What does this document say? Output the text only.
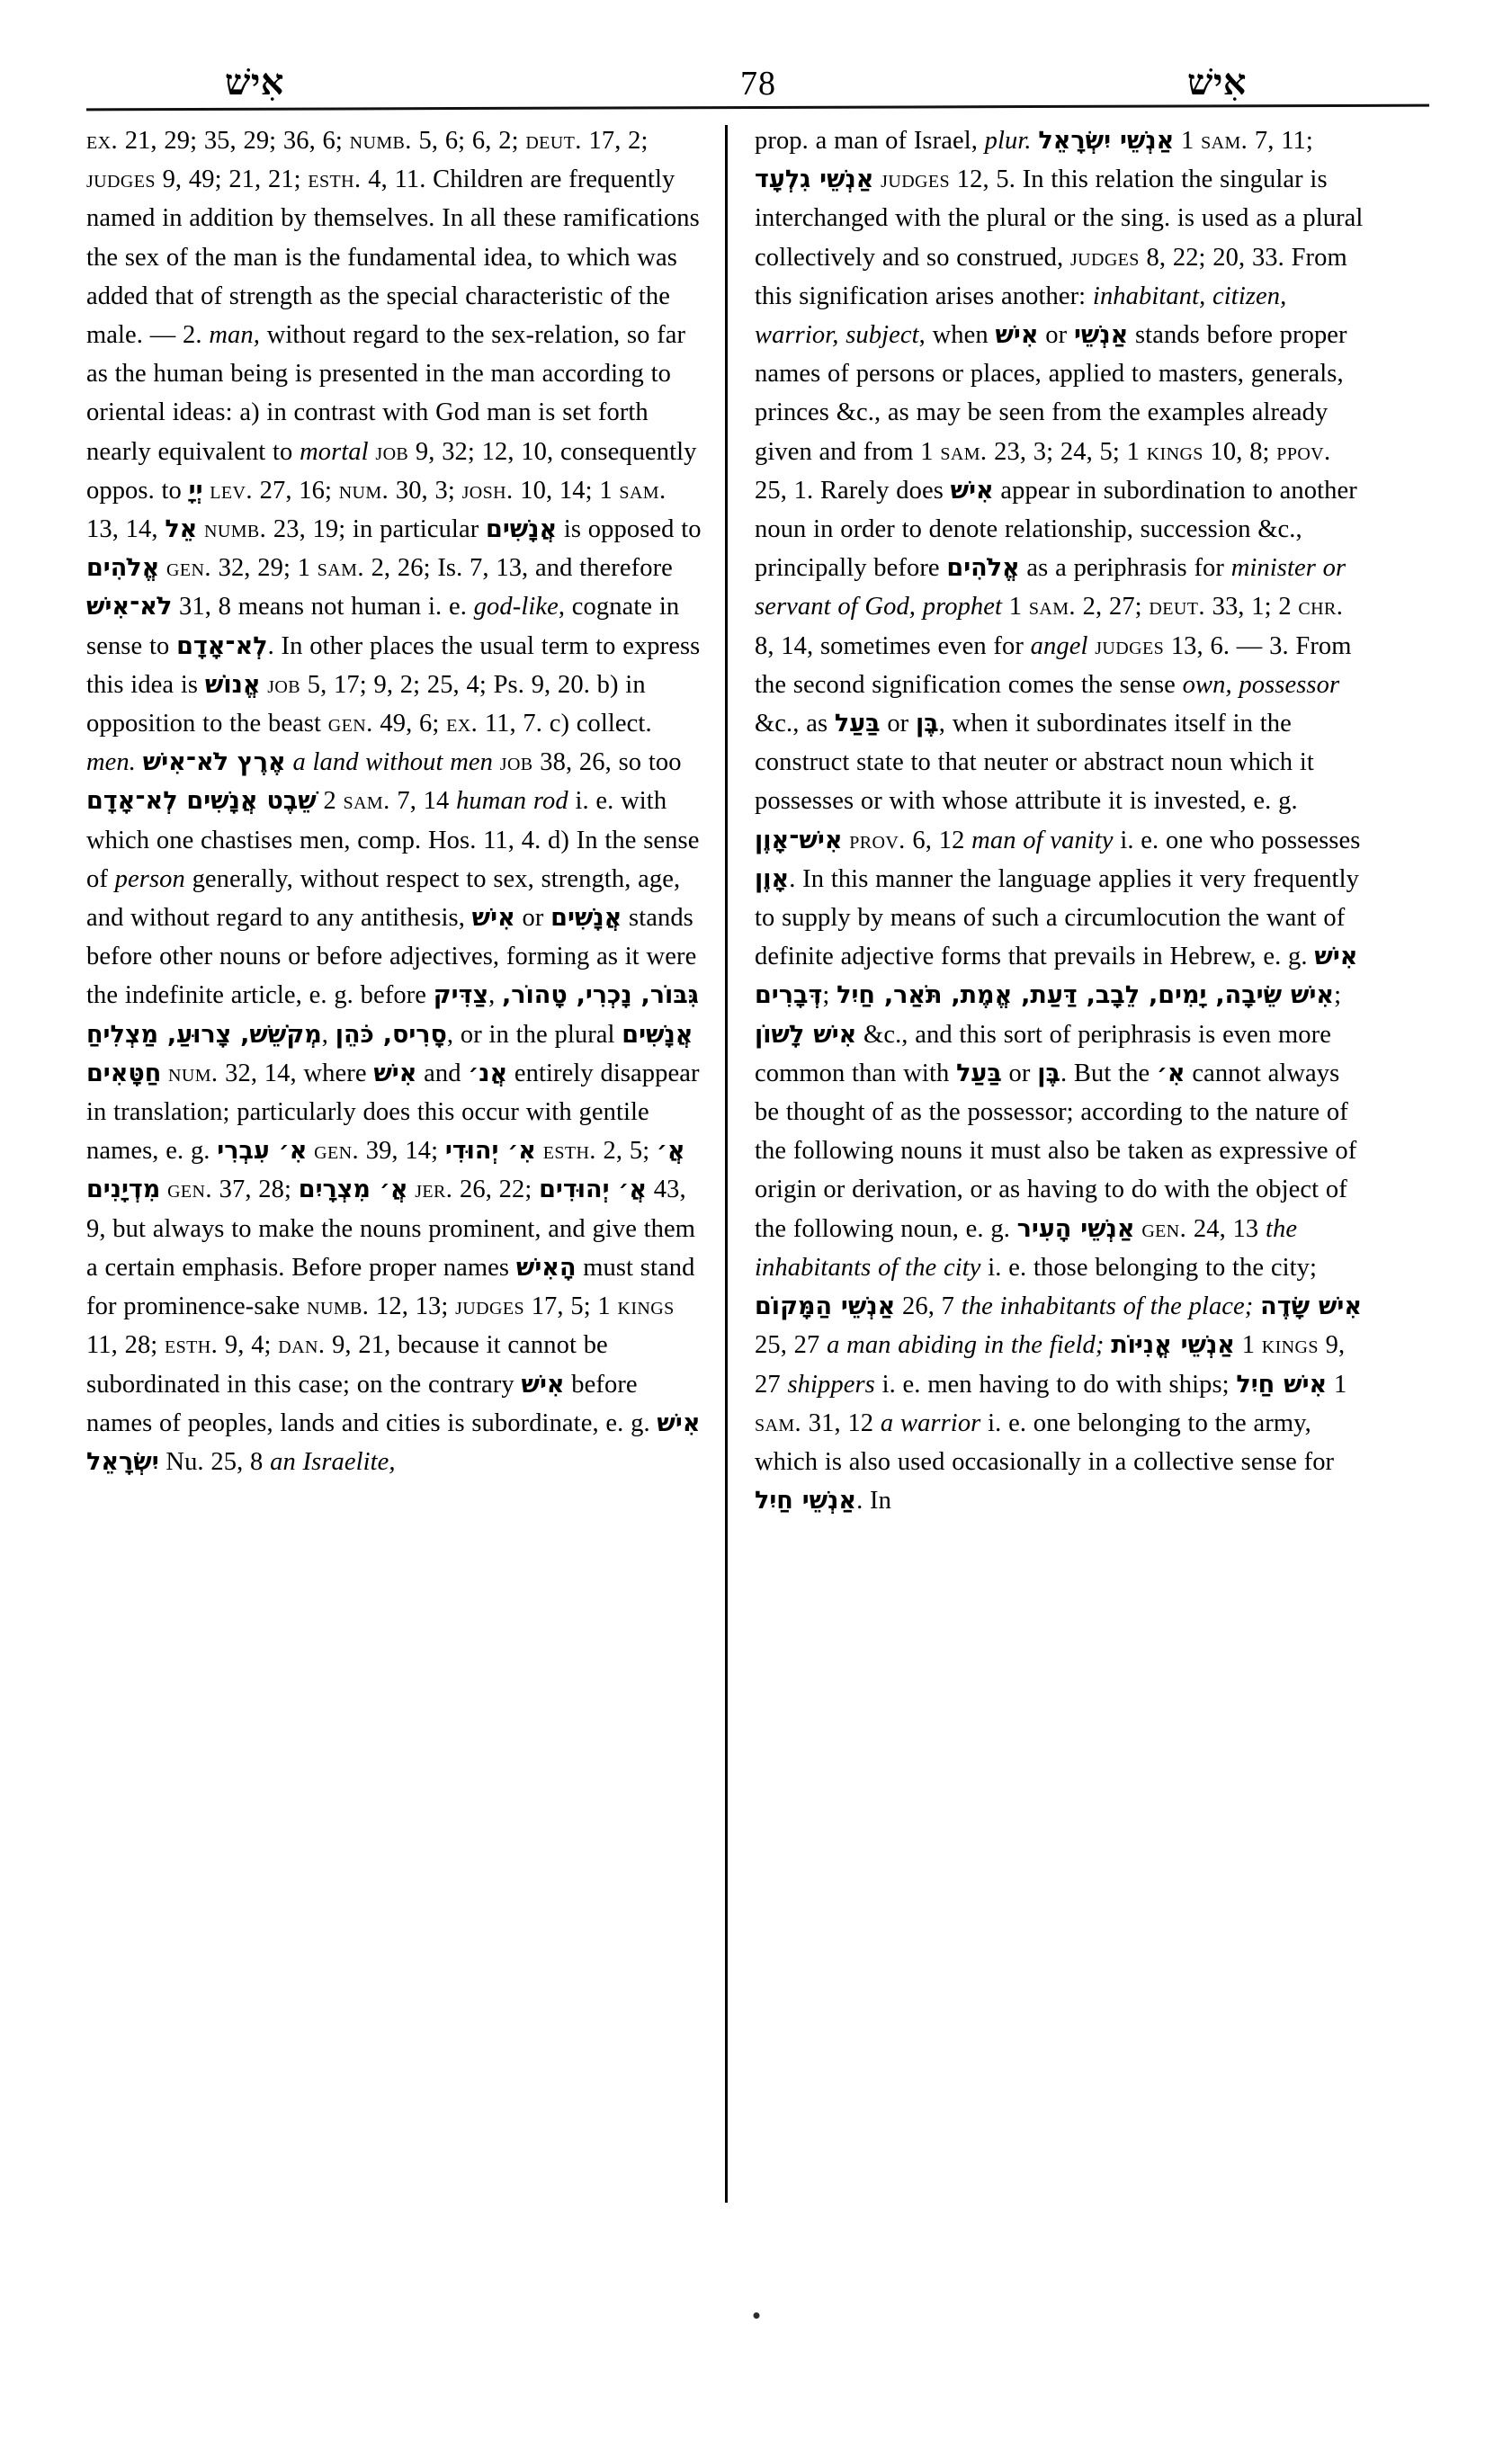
אִישׁ	78	אִישׁ

ex. 21, 29; 35, 29; 36, 6; numb. 5, 6; 6, 2; deut. 17, 2; judges 9, 49; 21, 21; esth. 4, 11. Children are frequently named in addition by themselves. In all these ramifications the sex of the man is the fundamental idea, to which was added that of strength as the special characteristic of the male. — 2. man, without regard to the sex-relation, so far as the human being is presented in the man according to oriental ideas: a) in contrast with God man is set forth nearly equivalent to mortal job 9, 32; 12, 10, consequently oppos. to יְיָ lev. 27, 16; num. 30, 3; josh. 10, 14; 1 sam. 13, 14, אֵל numb. 23, 19; in particular אֲנָשִׁים is opposed to אֱלֹהִים gen. 32, 29; 1 sam. 2, 26; Is. 7, 13, and therefore לֹא־אִישׁ 31, 8 means not human i. e. god-like, cognate in sense to לְא־אָדָם. In other places the usual term to express this idea is אֱנוֹשׁ job 5, 17; 9, 2; 25, 4; Ps. 9, 20. b) in opposition to the beast gen. 49, 6; ex. 11, 7. c) collect. men. אֶרֶץ לֹא־אִישׁ a land without men job 38, 26, so too שֵׁבֶט אֲנָשִׁים לְא־אָדָם 2 sam. 7, 14 human rod i. e. with which one chastises men, comp. Hos. 11, 4. d) In the sense of person generally, without respect to sex, strength, age, and without regard to any antithesis, אִישׁ or אֲנָשִׁים stands before other nouns or before adjectives, forming as it were the indefinite article, e. g. before צַדִּיק, גִּבּוֹר, נָכְרִי, טָהוֹר, מְקֹשֵׁשׁ, צָרוּעַ, מַצְלִיחַ, סָרִיס, כֹּהֵן, or in the plural אֲנָשִׁים חַטָּאִים num. 32, 14, where אִישׁ and אֲנ׳ entirely disappear in translation; particularly does this occur with gentile names, e. g. אִ׳ עִבְרִי gen. 39, 14; אִ׳ יְהוּדִי esth. 2, 5; אֲ׳ מִדְיָנִים gen. 37, 28; אֲ׳ מִצְרָיִם jer. 26, 22; אֲ׳ יְהוּדִים 43, 9, but always to make the nouns prominent, and give them a certain emphasis. Before proper names הָאִישׁ must stand for prominence-sake numb. 12, 13; judges 17, 5; 1 kings 11, 28; esth. 9, 4; dan. 9, 21, because it cannot be subordinated in this case; on the contrary אִישׁ before names of peoples, lands and cities is subordinate, e. g. אִישׁ יִשְׂרָאֵל Nu. 25, 8 an Israelite,

prop. a man of Israel, plur. אַנְשֵׁי יִשְׂרָאֵל 1 sam. 7, 11; אַנְשֵׁי גִלְעָד judges 12, 5. In this relation the singular is interchanged with the plural or the sing. is used as a plural collectively and so construed, judges 8, 22; 20, 33. From this signification arises another: inhabitant, citizen, warrior, subject, when אִישׁ or אַנְשֵׁי stands before proper names of persons or places, applied to masters, generals, princes &c., as may be seen from the examples already given and from 1 sam. 23, 3; 24, 5; 1 kings 10, 8; ppov. 25, 1. Rarely does אִישׁ appear in subordination to another noun in order to denote relationship, succession &c., principally before אֱלֹהִים as a periphrasis for minister or servant of God, prophet 1 sam. 2, 27; deut. 33, 1; 2 chr. 8, 14, sometimes even for angel judges 13, 6. — 3. From the second signification comes the sense own, possessor &c., as בַּעַל or בֶּן, when it subordinates itself in the construct state to that neuter or abstract noun which it possesses or with whose attribute it is invested, e. g. אִישׁ־אָוֶן prov. 6, 12 man of vanity i. e. one who possesses אָוֶן. In this manner the language applies it very frequently to supply by means of such a circumlocution the want of definite adjective forms that prevails in Hebrew, e. g. אִישׁ דְּבָרִים; אִישׁ שֵׂיבָה, יָמִים, לֵבָב, דַּעַת, אֱמֶת, תֹּאַר, חַיִל; אִישׁ לָשׁוֹן &c., and this sort of periphrasis is even more common than with בַּעַל or בֶּן. But the אִ׳ cannot always be thought of as the possessor; according to the nature of the following nouns it must also be taken as expressive of origin or derivation, or as having to do with the object of the following noun, e. g. אַנְשֵׁי הָעִיר gen. 24, 13 the inhabitants of the city i. e. those belonging to the city; אַנְשֵׁי הַמָּקוֹם 26, 7 the inhabitants of the place; אִישׁ שָׂדֶה 25, 27 a man abiding in the field; אַנְשֵׁי אֳנִיּוֹת 1 kings 9, 27 shippers i. e. men having to do with ships; אִישׁ חַיִל 1 sam. 31, 12 a warrior i. e. one belonging to the army, which is also used occasionally in a collective sense for אַנְשֵׁי חַיִל. In
